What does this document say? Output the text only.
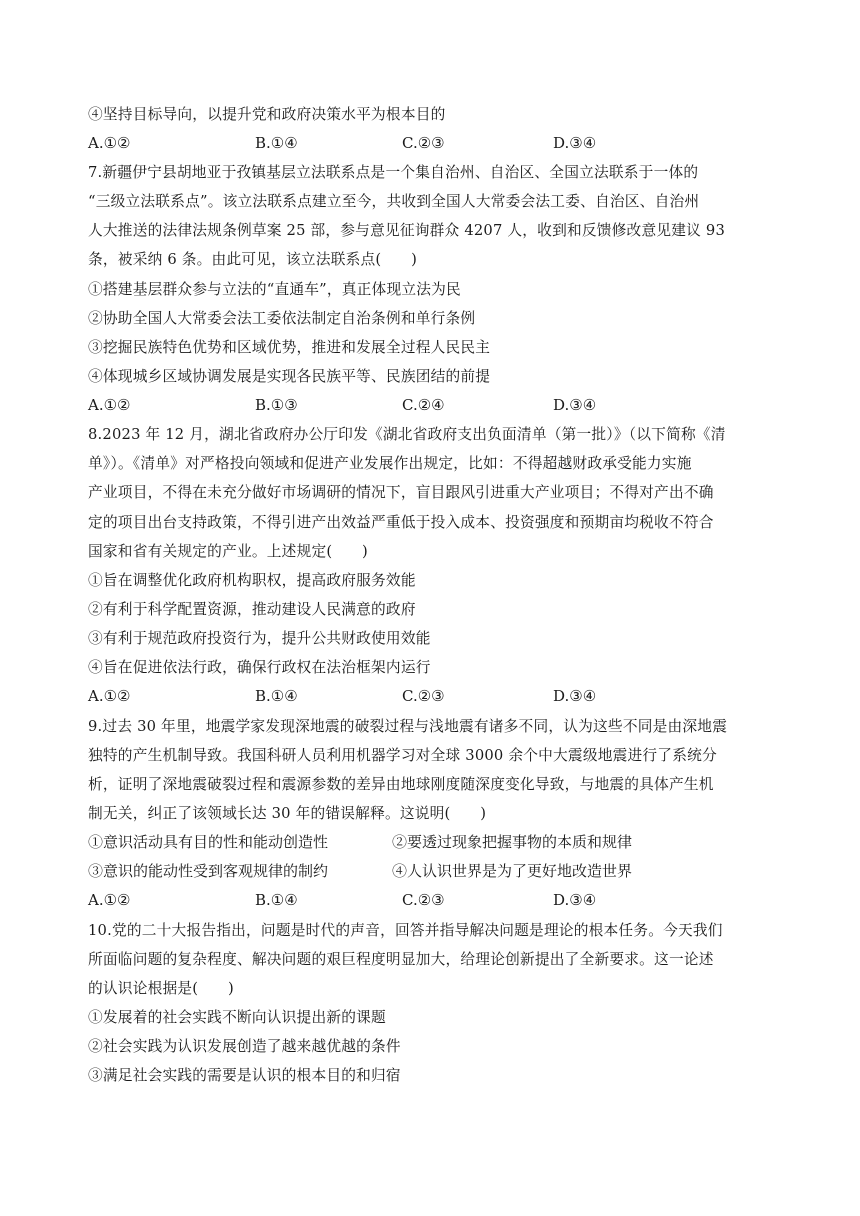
④坚持目标导向，以提升党和政府决策水平为根本目的
A.①②	B.①④	C.②③	D.③④
7.新疆伊宁县胡地亚于孜镇基层立法联系点是一个集自治州、自治区、全国立法联系于一体的
“三级立法联系点”。该立法联系点建立至今，共收到全国人大常委会法工委、自治区、自治州
人大推送的法律法规条例草案 25 部，参与意见征询群众 4207 人，收到和反馈修改意见建议 93
条，被采纳 6 条。由此可见，该立法联系点(　　)
①搭建基层群众参与立法的“直通车”，真正体现立法为民
②协助全国人大常委会法工委依法制定自治条例和单行条例
③挖掘民族特色优势和区域优势，推进和发展全过程人民民主
④体现城乡区域协调发展是实现各民族平等、民族团结的前提
A.①②	B.①③	C.②④	D.③④
8.2023 年 12 月，湖北省政府办公厅印发《湖北省政府支出负面清单（第一批）》（以下简称《清
单》）。《清单》对严格投向领域和促进产业发展作出规定，比如：不得超越财政承受能力实施
产业项目，不得在未充分做好市场调研的情况下，盲目跟风引进重大产业项目；不得对产出不确
定的项目出台支持政策，不得引进产出效益严重低于投入成本、投资强度和预期亩均税收不符合
国家和省有关规定的产业。上述规定(　　)
①旨在调整优化政府机构职权，提高政府服务效能
②有利于科学配置资源，推动建设人民满意的政府
③有利于规范政府投资行为，提升公共财政使用效能
④旨在促进依法行政，确保行政权在法治框架内运行
A.①②	B.①④	C.②③	D.③④
9.过去 30 年里，地震学家发现深地震的破裂过程与浅地震有诸多不同，认为这些不同是由深地震
独特的产生机制导致。我国科研人员利用机器学习对全球 3000 余个中大震级地震进行了系统分
析，证明了深地震破裂过程和震源参数的差异由地球刚度随深度变化导致，与地震的具体产生机
制无关，纠正了该领域长达 30 年的错误解释。这说明(　　)
①意识活动具有目的性和能动创造性	②要透过现象把握事物的本质和规律
③意识的能动性受到客观规律的制约	④人认识世界是为了更好地改造世界
A.①②	B.①④	C.②③	D.③④
10.党的二十大报告指出，问题是时代的声音，回答并指导解决问题是理论的根本任务。今天我们
所面临问题的复杂程度、解决问题的艰巨程度明显加大，给理论创新提出了全新要求。这一论述
的认识论根据是(　　)
①发展着的社会实践不断向认识提出新的课题
②社会实践为认识发展创造了越来越优越的条件
③满足社会实践的需要是认识的根本目的和归宿
